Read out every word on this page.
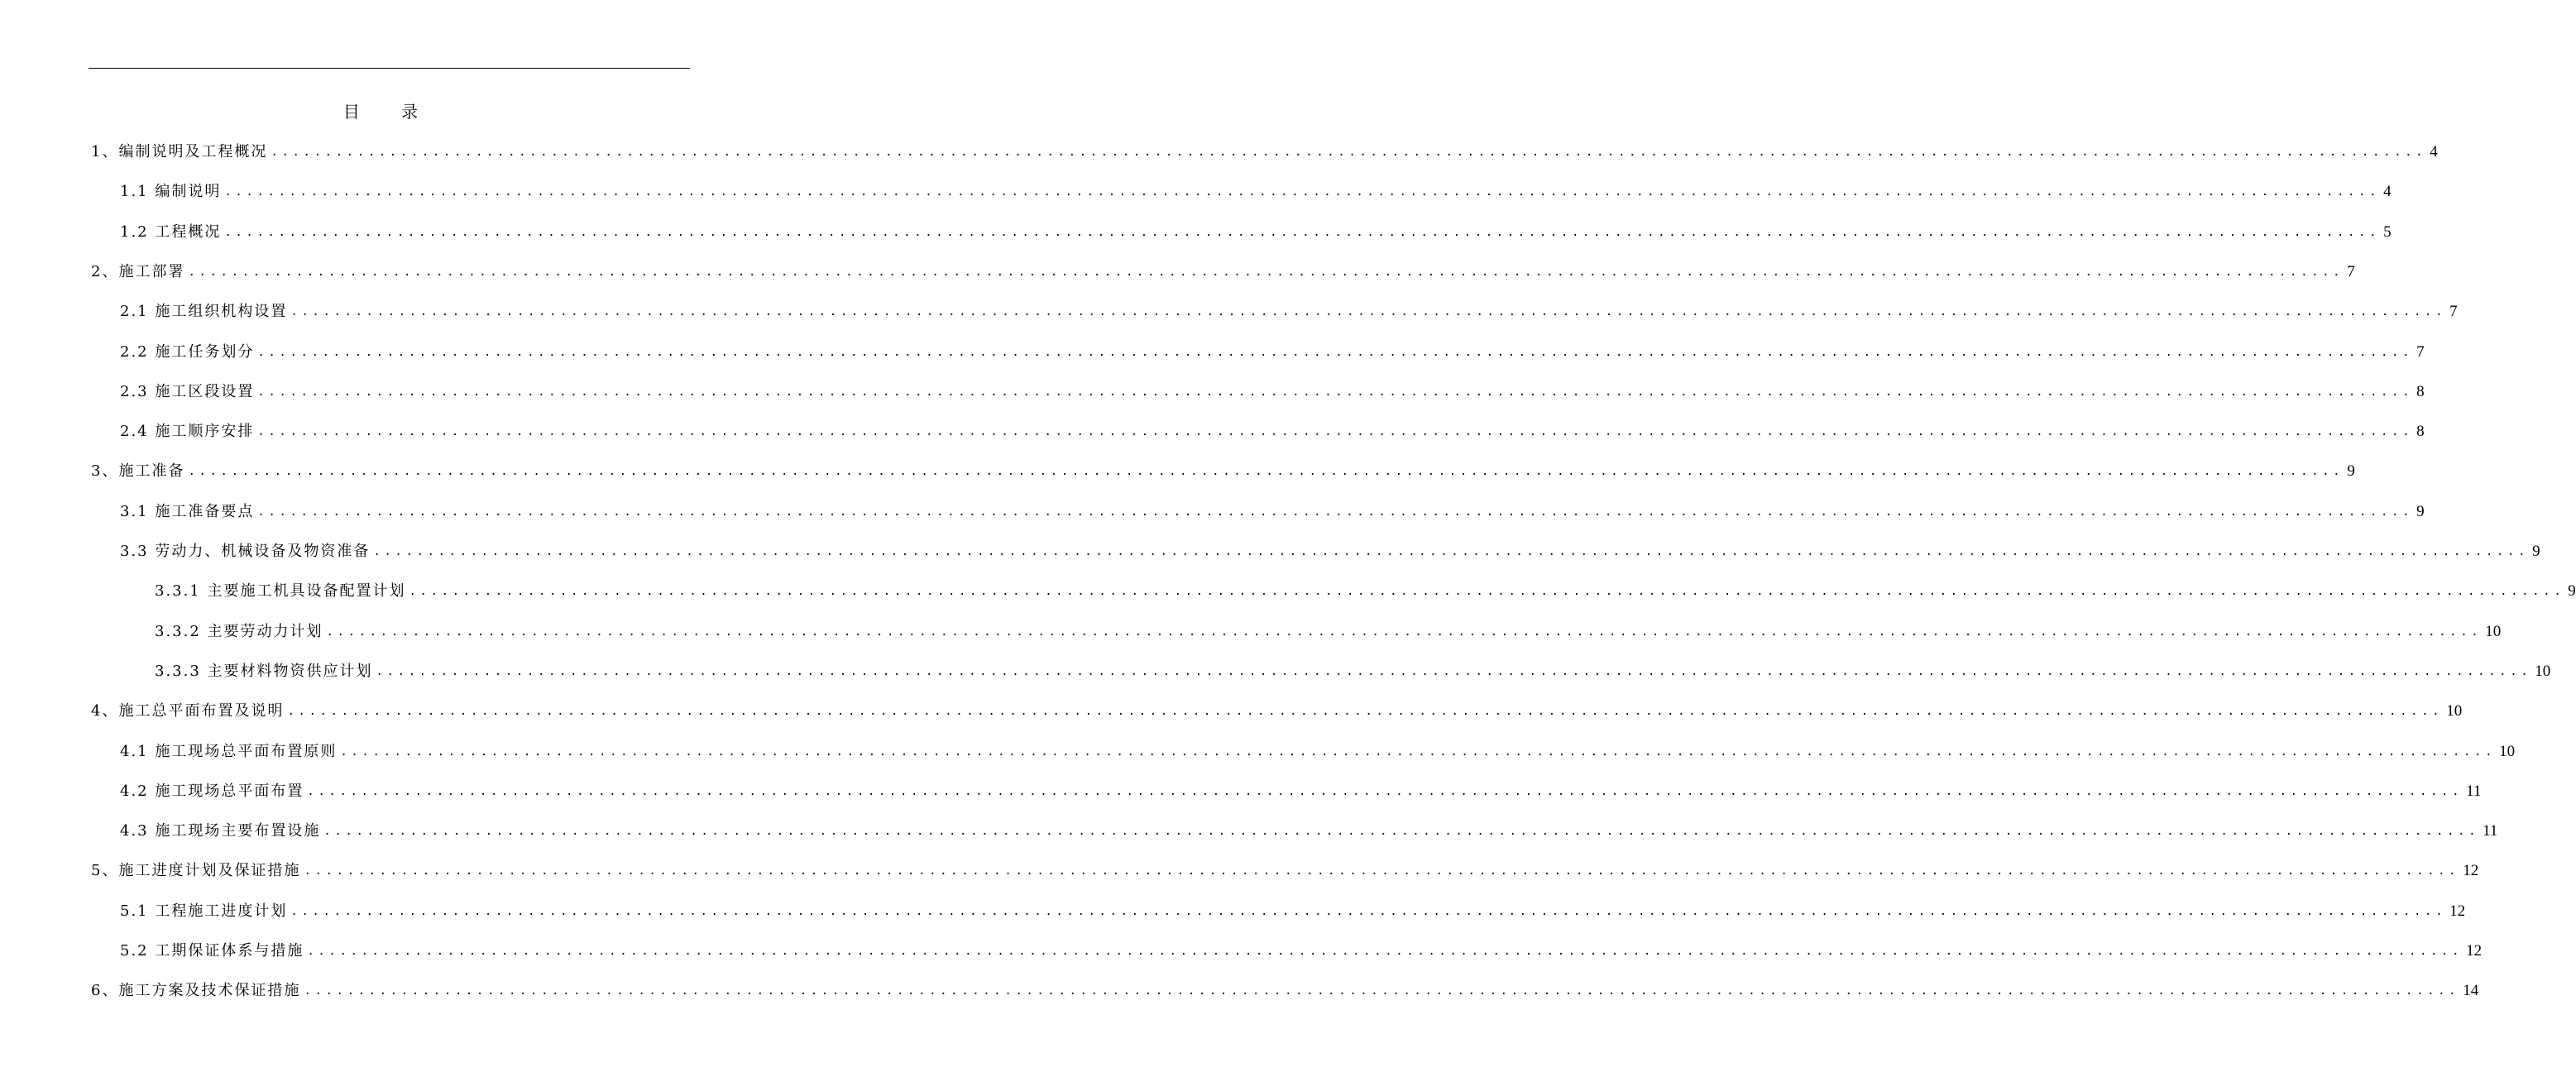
目 录
1、编制说明及工程概况 ........................................................................................................................................................................................................ 4
1.1 编制说明 ........................................................................................................................................................................................................ 4
1.2 工程概况 ........................................................................................................................................................................................................ 5
2、施工部署 ........................................................................................................................................................................................................ 7
2.1 施工组织机构设置 ........................................................................................................................................................................................................ 7
2.2 施工任务划分 ........................................................................................................................................................................................................ 7
2.3 施工区段设置 ........................................................................................................................................................................................................ 8
2.4 施工顺序安排 ........................................................................................................................................................................................................ 8
3、施工准备 ........................................................................................................................................................................................................ 9
3.1 施工准备要点 ........................................................................................................................................................................................................ 9
3.3 劳动力、机械设备及物资准备 ........................................................................................................................................................................................................ 9
3.3.1 主要施工机具设备配置计划 ........................................................................................................................................................................................................ 9
3.3.2 主要劳动力计划 ........................................................................................................................................................................................................ 10
3.3.3 主要材料物资供应计划 ........................................................................................................................................................................................................ 10
4、施工总平面布置及说明 ........................................................................................................................................................................................................ 10
4.1 施工现场总平面布置原则 ........................................................................................................................................................................................................ 10
4.2 施工现场总平面布置 ........................................................................................................................................................................................................ 11
4.3 施工现场主要布置设施 ........................................................................................................................................................................................................ 11
5、施工进度计划及保证措施 ........................................................................................................................................................................................................ 12
5.1 工程施工进度计划 ........................................................................................................................................................................................................ 12
5.2 工期保证体系与措施 ........................................................................................................................................................................................................ 12
6、施工方案及技术保证措施 ........................................................................................................................................................................................................ 14
